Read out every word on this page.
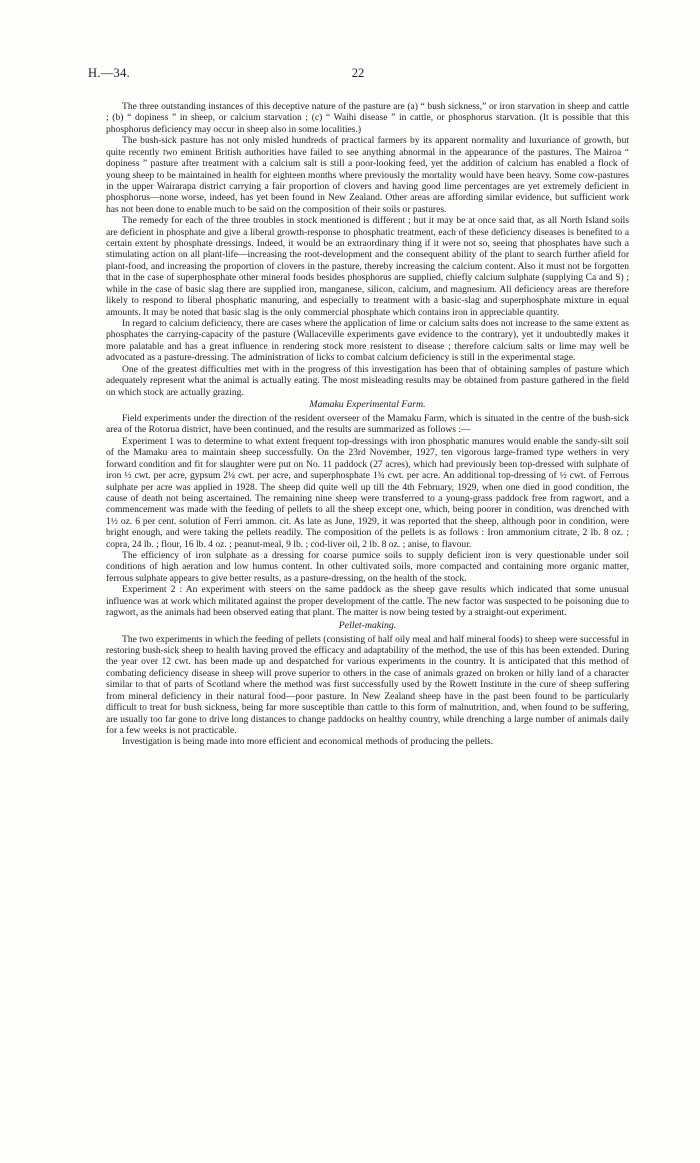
H.—34.	22

The three outstanding instances of this deceptive nature of the pasture are (a) “ bush sickness,” or iron starvation in sheep and cattle ; (b) “ dopiness ” in sheep, or calcium starvation ; (c) “ Waihi disease ” in cattle, or phosphorus starvation. (It is possible that this phosphorus deficiency may occur in sheep also in some localities.)

The bush-sick pasture has not only misled hundreds of practical farmers by its apparent normality and luxuriance of growth, but quite recently two eminent British authorities have failed to see anything abnormal in the appearance of the pastures. The Mairoa “ dopiness ” pasture after treatment with a calcium salt is still a poor-looking feed, yet the addition of calcium has enabled a flock of young sheep to be maintained in health for eighteen months where previously the mortality would have been heavy. Some cow-pastures in the upper Wairarapa district carrying a fair proportion of clovers and having good lime percentages are yet extremely deficient in phosphorus—none worse, indeed, has yet been found in New Zealand. Other areas are affording similar evidence, but sufficient work has not been done to enable much to be said on the composition of their soils or pastures.

The remedy for each of the three troubles in stock mentioned is different ; but it may be at once said that, as all North Island soils are deficient in phosphate and give a liberal growth-response to phosphatic treatment, each of these deficiency diseases is benefited to a certain extent by phosphate dressings. Indeed, it would be an extraordinary thing if it were not so, seeing that phosphates have such a stimulating action on all plant-life—increasing the root-development and the consequent ability of the plant to search further afield for plant-food, and increasing the proportion of clovers in the pasture, thereby increasing the calcium content. Also it must not be forgotten that in the case of superphosphate other mineral foods besides phosphorus are supplied, chiefly calcium sulphate (supplying Ca and S) ; while in the case of basic slag there are supplied iron, manganese, silicon, calcium, and magnesium. All deficiency areas are therefore likely to respond to liberal phosphatic manuring, and especially to treatment with a basic-slag and superphosphate mixture in equal amounts. It may be noted that basic slag is the only commercial phosphate which contains iron in appreciable quantity.

In regard to calcium deficiency, there are cases where the application of lime or calcium salts does not increase to the same extent as phosphates the carrying-capacity of the pasture (Wallaceville experiments gave evidence to the contrary), yet it undoubtedly makes it more palatable and has a great influence in rendering stock more resistent to disease ; therefore calcium salts or lime may well be advocated as a pasture-dressing. The administration of licks to combat calcium deficiency is still in the experimental stage.

One of the greatest difficulties met with in the progress of this investigation has been that of obtaining samples of pasture which adequately represent what the animal is actually eating. The most misleading results may be obtained from pasture gathered in the field on which stock are actually grazing.

Mamaku Experimental Farm.

Field experiments under the direction of the resident overseer of the Mamaku Farm, which is situated in the centre of the bush-sick area of the Rotorua district, have been continued, and the results are summarized as follows :—

Experiment 1 was to determine to what extent frequent top-dressings with iron phosphatic manures would enable the sandy-silt soil of the Mamaku area to maintain sheep successfully. On the 23rd November, 1927, ten vigorous large-framed type wethers in very forward condition and fit for slaughter were put on No. 11 paddock (27 acres), which had previously been top-dressed with sulphate of iron ½ cwt. per acre, gypsum 2¼ cwt. per acre, and superphosphate 1¾ cwt. per acre. An additional top-dressing of ½ cwt. of Ferrous sulphate per acre was applied in 1928. The sheep did quite well up till the 4th February, 1929, when one died in good condition, the cause of death not being ascertained. The remaining nine sheep were transferred to a young-grass paddock free from ragwort, and a commencement was made with the feeding of pellets to all the sheep except one, which, being poorer in condition, was drenched with 1½ oz. 6 per cent. solution of Ferri ammon. cit. As late as June, 1929, it was reported that the sheep, although poor in condition, were bright enough, and were taking the pellets readily. The composition of the pellets is as follows : Iron ammonium citrate, 2 lb. 8 oz. ; copra, 24 lb. ; flour, 16 lb. 4 oz. ; peanut-meal, 9 lb. ; cod-liver oil, 2 lb. 8 oz. ; anise, to flavour.

The efficiency of iron sulphate as a dressing for coarse pumice soils to supply deficient iron is very questionable under soil conditions of high aeration and low humus content. In other cultivated soils, more compacted and containing more organic matter, ferrous sulphate appears to give better results, as a pasture-dressing, on the health of the stock.

Experiment 2 : An experiment with steers on the same paddock as the sheep gave results which indicated that some unusual influence was at work which militated against the proper development of the cattle. The new factor was suspected to be poisoning due to ragwort, as the animals had been observed eating that plant. The matter is now being tested by a straight-out experiment.

Pellet-making.

The two experiments in which the feeding of pellets (consisting of half oily meal and half mineral foods) to sheep were successful in restoring bush-sick sheep to health having proved the efficacy and adaptability of the method, the use of this has been extended. During the year over 12 cwt. has been made up and despatched for various experiments in the country. It is anticipated that this method of combating deficiency disease in sheep will prove superior to others in the case of animals grazed on broken or hilly land of a character similar to that of parts of Scotland where the method was first successfully used by the Rowett Institute in the cure of sheep suffering from mineral deficiency in their natural food—poor pasture. In New Zealand sheep have in the past been found to be particularly difficult to treat for bush sickness, being far more susceptible than cattle to this form of malnutrition, and, when found to be suffering, are usually too far gone to drive long distances to change paddocks on healthy country, while drenching a large number of animals daily for a few weeks is not practicable.

Investigation is being made into more efficient and economical methods of producing the pellets.
